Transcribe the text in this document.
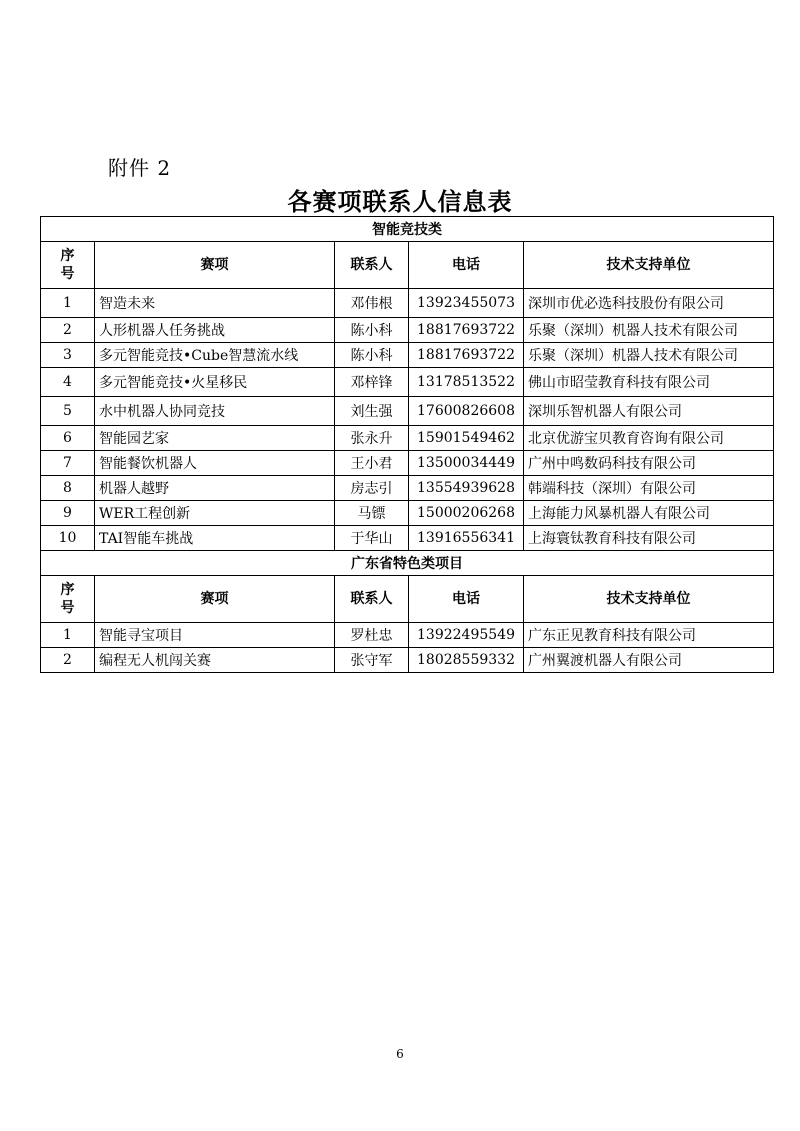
附件 2
各赛项联系人信息表
智能竞技类				

序
号	赛项	联系人	电话	技术支持单位
1	智造未来	邓伟根	13923455073	深圳市优必选科技股份有限公司
2	人形机器人任务挑战	陈小科	18817693722	乐聚（深圳）机器人技术有限公司
3	多元智能竞技•Cube智慧流水线	陈小科	18817693722	乐聚（深圳）机器人技术有限公司
4	多元智能竞技•火星移民	邓梓锋	13178513522	佛山市昭莹教育科技有限公司
5	水中机器人协同竞技	刘生强	17600826608	深圳乐智机器人有限公司
6	智能园艺家	张永升	15901549462	北京优游宝贝教育咨询有限公司
7	智能餐饮机器人	王小君	13500034449	广州中鸣数码科技有限公司
8	机器人越野	房志引	13554939628	韩端科技（深圳）有限公司
9	WER工程创新	马镖	15000206268	上海能力风暴机器人有限公司
10	TAI智能车挑战	于华山	13916556341	上海寰钛教育科技有限公司
广东省特色类项目				

序
号	赛项	联系人	电话	技术支持单位
1	智能寻宝项目	罗杜忠	13922495549	广东正见教育科技有限公司
2	编程无人机闯关赛	张守军	18028559332	广州翼渡机器人有限公司
6
